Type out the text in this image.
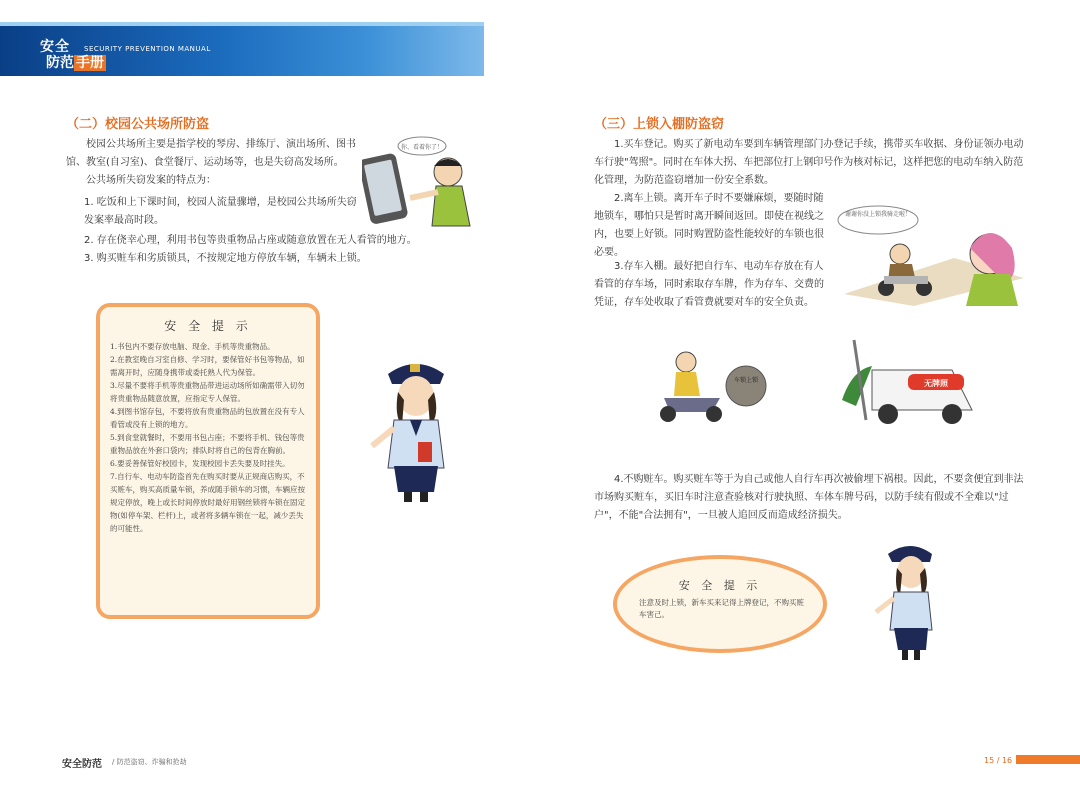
安全
防范 手册
SECURITY PREVENTION MANUAL
（二）校园公共场所防盗

校园公共场所主要是指学校的琴房、排练厅、演出场所、图书馆、教室(自习室)、食堂餐厅、运动场等，也是失窃高发场所。

公共场所失窃发案的特点为：

1. 吃饭和上下课时间，校园人流量骤增，是校园公共场所失窃发案率最高时段。

2. 存在侥幸心理，利用书包等贵重物品占座或随意放置在无人看管的地方。

3. 购买赃车和劣质锁具，不按规定地方停放车辆，车辆未上锁。

你、看着你了！
安 全 提 示

1.书包内不要存放电脑、现金、手机等贵重物品。

2.在教室晚自习室自修、学习时，要保管好书包等物品，如需离开时，应随身携带或委托熟人代为保管。

3.尽量不要将手机等贵重物品带进运动场所如确需带入切勿将贵重物品随意放置，应指定专人保管。

4.到图书馆存包，不要将放有贵重物品的包放置在没有专人看管或没有上锁的地方。

5.到食堂就餐时，不要用书包占座；不要将手机、钱包等贵重物品放在外套口袋内；排队时将自己的包背在胸前。

6.要妥善保管好校园卡，发现校园卡丢失要及时挂失。

7.自行车、电动车防盗首先在购买时要从正规商店购买，不买赃车，购买高质量车锁，养成随手锁车的习惯，车辆应按规定停放，晚上或长时间停放时最好用钢丝锁将车锁在固定物(如停车架、栏杆)上，或者将多辆车锁在一起，减少丢失的可能性。

（三）上锁入棚防盗窃

1.买车登记。购买了新电动车要到车辆管理部门办登记手续，携带买车收据、身份证领办电动车行驶"驾照"。同时在车体大拐、车把部位打上钢印号作为核对标记，这样把您的电动车纳入防范化管理，为防范盗窃增加一份安全系数。

2.离车上锁。离开车子时不要嫌麻烦，要随时随地锁车，哪怕只是暂时离开瞬间返回。即使在视线之内，也要上好锁。同时购置防盗性能较好的车锁也很必要。

3.存车入棚。最好把自行车、电动车存放在有人看管的存车场，同时索取存车牌，作为存车、交费的凭证，存车处收取了看管费就要对车的安全负责。

谢谢你没上锁我骑走啦！
车锁上锁	无牌照

4.不购赃车。购买赃车等于为自己或他人自行车再次被偷埋下祸根。因此，不要贪便宜到非法市场购买赃车，买旧车时注意查验核对行驶执照、车体车牌号码，以防手续有假或不全难以"过户"，不能"合法拥有"，一旦被人追回反而造成经济损失。

安 全 提 示
注意及时上锁，新车买来记得上牌登记，不购买赃车害己。
安全防范 / 防范盗窃、诈骗和抢劫	15 / 16
